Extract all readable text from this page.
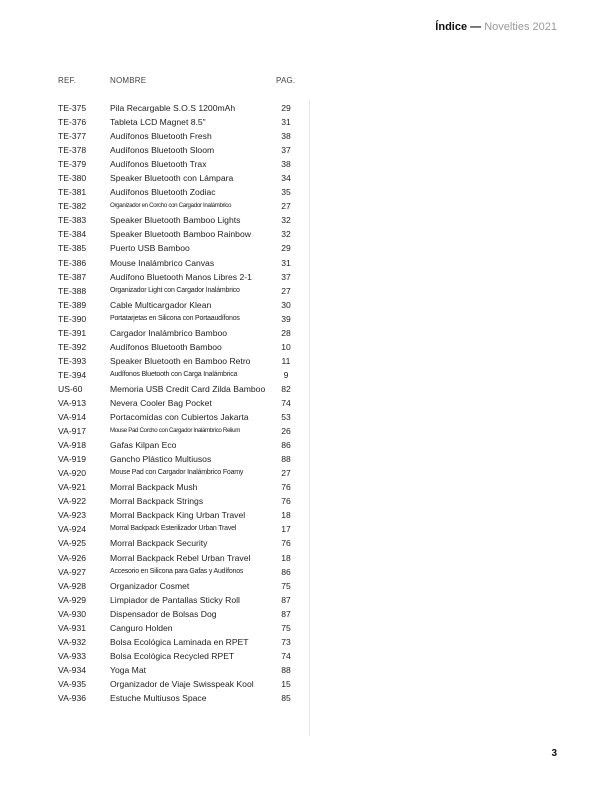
Índice — Novelties 2021
REF.	NOMBRE	PAG.
TE-375	Pila Recargable S.O.S 1200mAh	29
TE-376	Tableta LCD Magnet 8.5"	31
TE-377	Audífonos Bluetooth Fresh	38
TE-378	Audífonos Bluetooth Sloom	37
TE-379	Audífonos Bluetooth Trax	38
TE-380	Speaker Bluetooth con Lámpara	34
TE-381	Audífonos Bluetooth Zodiac	35
TE-382	Organizador en Corcho con Cargador Inalámbrico	27
TE-383	Speaker Bluetooth Bamboo Lights	32
TE-384	Speaker Bluetooth Bamboo Rainbow	32
TE-385	Puerto USB Bamboo	29
TE-386	Mouse Inalámbrico Canvas	31
TE-387	Audífono Bluetooth Manos Libres 2-1	37
TE-388	Organizador Light con Cargador Inalámbrico	27
TE-389	Cable Multicargador Klean	30
TE-390	Portatarjetas en Silicona con Portaaudífonos	39
TE-391	Cargador Inalámbrico Bamboo	28
TE-392	Audífonos Bluetooth Bamboo	10
TE-393	Speaker Bluetooth en Bamboo Retro	11
TE-394	Audífonos Bluetooth con Carga Inalámbrica	9
US-60	Memoria USB Credit Card Zilda Bamboo 82
VA-913	Nevera Cooler Bag Pocket	74
VA-914	Portacomidas con Cubiertos Jakarta	53
VA-917	Mouse Pad Corcho con Cargador Inalámbrico Relium	26
VA-918	Gafas Kilpan Eco	86
VA-919	Gancho Plástico Multiusos	88
VA-920	Mouse Pad con Cargador Inalámbrico Foamy	27
VA-921	Morral Backpack Mush	76
VA-922	Morral Backpack Strings	76
VA-923	Morral Backpack King Urban Travel	18
VA-924	Morral Backpack Esterilizador Urban Travel	17
VA-925	Morral Backpack Security	76
VA-926	Morral Backpack Rebel Urban Travel	18
VA-927	Accesorio en Silicona para Gafas y Audífonos	86
VA-928	Organizador Cosmet	75
VA-929	Limpiador de Pantallas Sticky Roll	87
VA-930	Dispensador de Bolsas Dog	87
VA-931	Canguro Holden	75
VA-932	Bolsa Ecológica Laminada en RPET	73
VA-933	Bolsa Ecológica Recycled RPET	74
VA-934	Yoga Mat	88
VA-935	Organizador de Viaje Swisspeak Kool	15
VA-936	Estuche Multiusos Space	85
3
